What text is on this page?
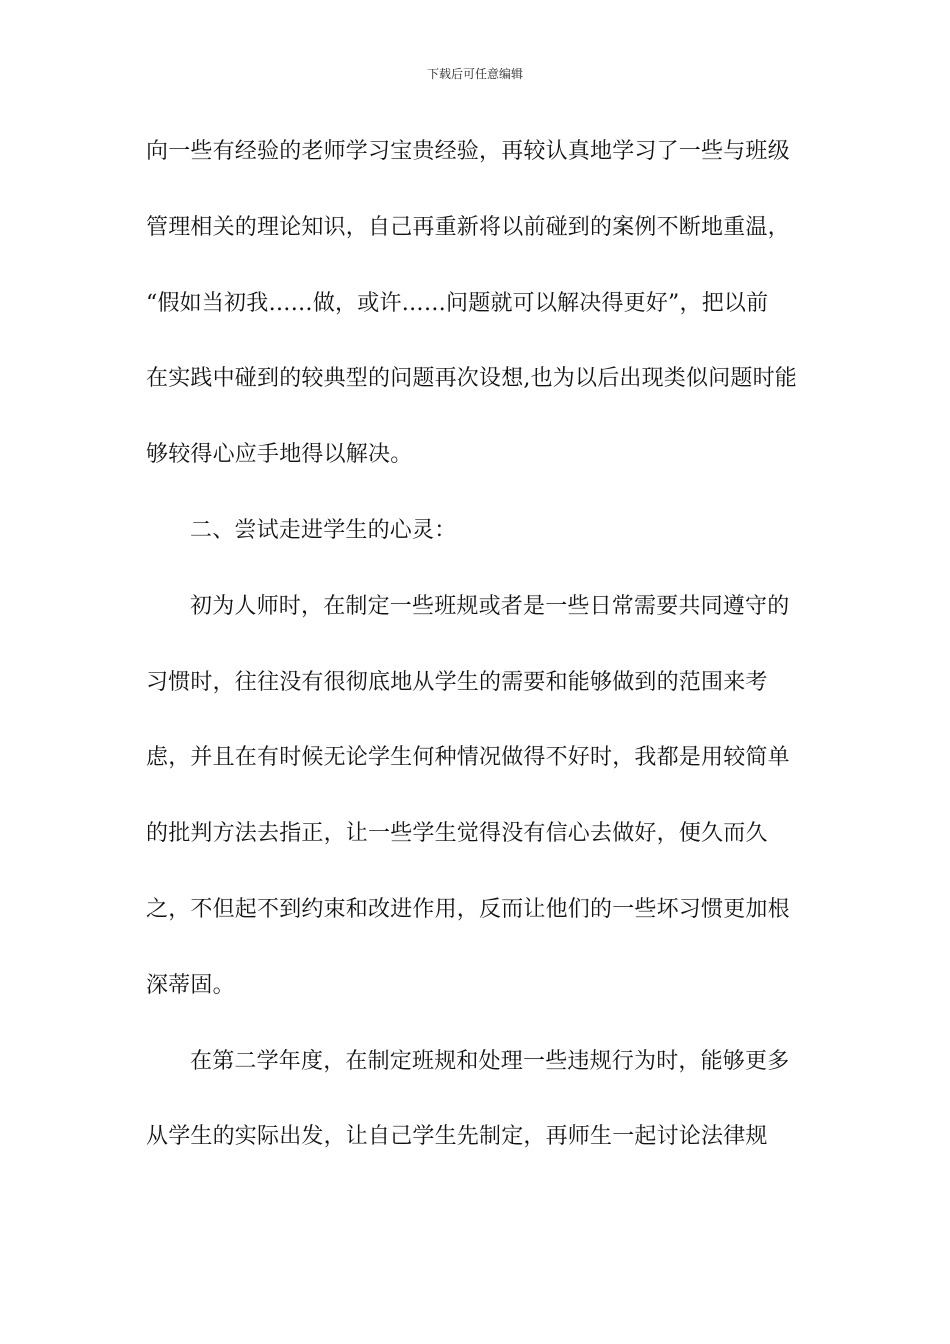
下载后可任意编辑
向一些有经验的老师学习宝贵经验，再较认真地学习了一些与班级
管理相关的理论知识，自己再重新将以前碰到的案例不断地重温，
“假如当初我……做，或许……问题就可以解决得更好”，把以前
在实践中碰到的较典型的问题再次设想,也为以后出现类似问题时能
够较得心应手地得以解决。
二、尝试走进学生的心灵：
初为人师时，在制定一些班规或者是一些日常需要共同遵守的
习惯时，往往没有很彻底地从学生的需要和能够做到的范围来考
虑，并且在有时候无论学生何种情况做得不好时，我都是用较简单
的批判方法去指正，让一些学生觉得没有信心去做好，便久而久
之，不但起不到约束和改进作用，反而让他们的一些坏习惯更加根
深蒂固。
在第二学年度，在制定班规和处理一些违规行为时，能够更多
从学生的实际出发，让自己学生先制定，再师生一起讨论法律规
